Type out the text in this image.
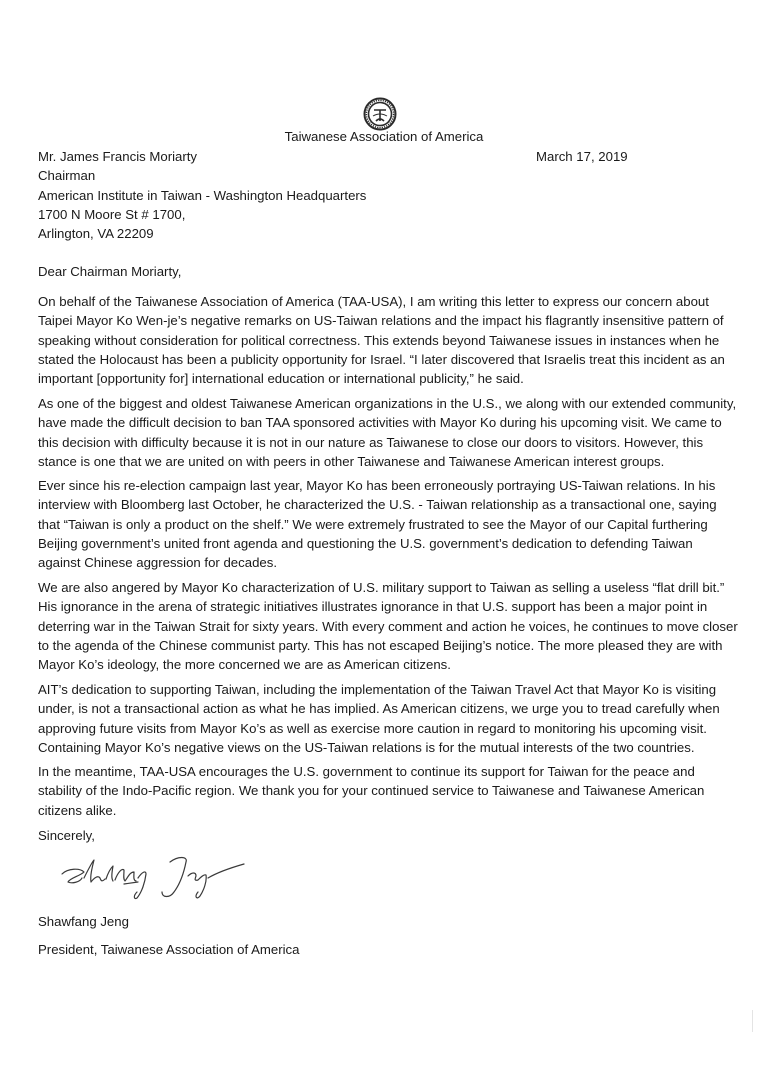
Taiwanese Association of America
Mr. James Francis Moriarty
Chairman
American Institute in Taiwan - Washington Headquarters
1700 N Moore St # 1700,
Arlington, VA 22209
March 17, 2019
Dear Chairman Moriarty,

On behalf of the Taiwanese Association of America (TAA-USA), I am writing this letter to express our concern about
Taipei Mayor Ko Wen-je’s negative remarks on US-Taiwan relations and the impact his flagrantly insensitive pattern of
speaking without consideration for political correctness. This extends beyond Taiwanese issues in instances when he
stated the Holocaust has been a publicity opportunity for Israel. “I later discovered that Israelis treat this incident as an
important [opportunity for] international education or international publicity,” he said.

As one of the biggest and oldest Taiwanese American organizations in the U.S., we along with our extended community,
have made the difficult decision to ban TAA sponsored activities with Mayor Ko during his upcoming visit. We came to
this decision with difficulty because it is not in our nature as Taiwanese to close our doors to visitors. However, this
stance is one that we are united on with peers in other Taiwanese and Taiwanese American interest groups.

Ever since his re-election campaign last year, Mayor Ko has been erroneously portraying US-Taiwan relations. In his
interview with Bloomberg last October, he characterized the U.S. - Taiwan relationship as a transactional one, saying
that “Taiwan is only a product on the shelf.” We were extremely frustrated to see the Mayor of our Capital furthering
Beijing government’s united front agenda and questioning the U.S. government’s dedication to defending Taiwan
against Chinese aggression for decades.

We are also angered by Mayor Ko characterization of U.S. military support to Taiwan as selling a useless “flat drill bit.”
His ignorance in the arena of strategic initiatives illustrates ignorance in that U.S. support has been a major point in
deterring war in the Taiwan Strait for sixty years. With every comment and action he voices, he continues to move closer
to the agenda of the Chinese communist party. This has not escaped Beijing’s notice. The more pleased they are with
Mayor Ko’s ideology, the more concerned we are as American citizens.

AIT’s dedication to supporting Taiwan, including the implementation of the Taiwan Travel Act that Mayor Ko is visiting
under, is not a transactional action as what he has implied. As American citizens, we urge you to tread carefully when
approving future visits from Mayor Ko’s as well as exercise more caution in regard to monitoring his upcoming visit.
Containing Mayor Ko’s negative views on the US-Taiwan relations is for the mutual interests of the two countries.

In the meantime, TAA-USA encourages the U.S. government to continue its support for Taiwan for the peace and
stability of the Indo-Pacific region. We thank you for your continued service to Taiwanese and Taiwanese American
citizens alike.

Sincerely,
Shawfang Jeng
President, Taiwanese Association of America
